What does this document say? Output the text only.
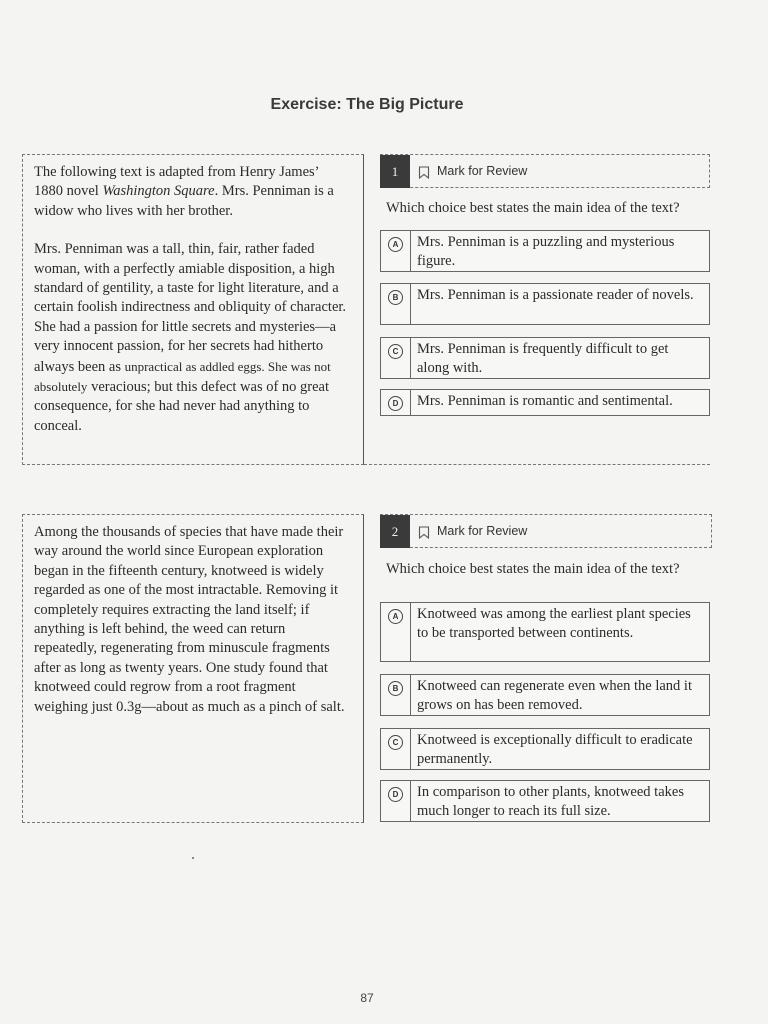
Exercise: The Big Picture

The following text is adapted from Henry James’ 1880 novel Washington Square. Mrs. Penniman is a widow who lives with her brother.

Mrs. Penniman was a tall, thin, fair, rather faded woman, with a perfectly amiable disposition, a high standard of gentility, a taste for light literature, and a certain foolish indirectness and obliquity of character. She had a passion for little secrets and mysteries—a very innocent passion, for her secrets had hitherto always been as unpractical as addled eggs. She was not absolutely veracious; but this defect was of no great consequence, for she had never had anything to conceal.

1	Mark for Review
Which choice best states the main idea of the text?
A	Mrs. Penniman is a puzzling and mysterious figure.
B	Mrs. Penniman is a passionate reader of novels.
C	Mrs. Penniman is frequently difficult to get along with.
D	Mrs. Penniman is romantic and sentimental.

Among the thousands of species that have made their way around the world since European exploration began in the fifteenth century, knotweed is widely regarded as one of the most intractable. Removing it completely requires extracting the land itself; if anything is left behind, the weed can return repeatedly, regenerating from minuscule fragments after as long as twenty years. One study found that knotweed could regrow from a root fragment weighing just 0.3g—about as much as a pinch of salt.

2	Mark for Review
Which choice best states the main idea of the text?
A	Knotweed was among the earliest plant species to be transported between continents.
B	Knotweed can regenerate even when the land it grows on has been removed.
C	Knotweed is exceptionally difficult to eradicate permanently.
D	In comparison to other plants, knotweed takes much longer to reach its full size.
87
